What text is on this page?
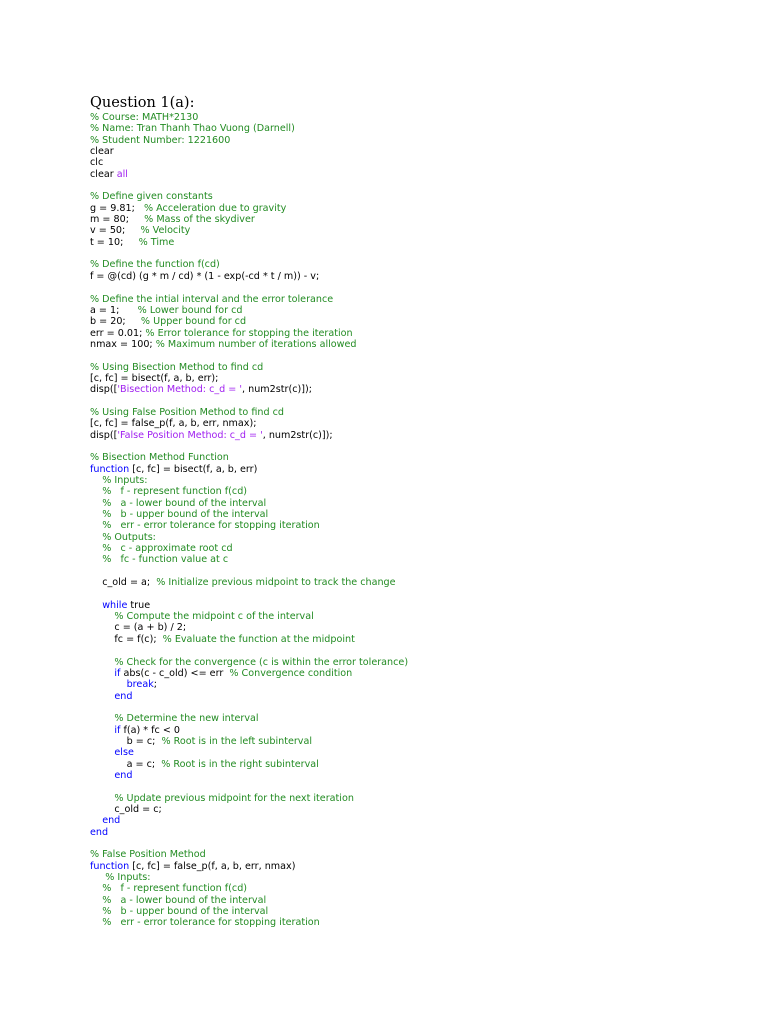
Question 1(a):
% Course: MATH*2130
% Name: Tran Thanh Thao Vuong (Darnell)
% Student Number: 1221600
clear
clc
clear all
% Define given constants
g = 9.81;   % Acceleration due to gravity
m = 80;     % Mass of the skydiver
v = 50;     % Velocity
t = 10;     % Time
% Define the function f(cd)
f = @(cd) (g * m / cd) * (1 - exp(-cd * t / m)) - v;
% Define the intial interval and the error tolerance
a = 1;      % Lower bound for cd
b = 20;     % Upper bound for cd
err = 0.01; % Error tolerance for stopping the iteration
nmax = 100; % Maximum number of iterations allowed
% Using Bisection Method to find cd
[c, fc] = bisect(f, a, b, err);
disp(['Bisection Method: c_d = ', num2str(c)]);
% Using False Position Method to find cd
[c, fc] = false_p(f, a, b, err, nmax);
disp(['False Position Method: c_d = ', num2str(c)]);
% Bisection Method Function
function [c, fc] = bisect(f, a, b, err)
% Inputs:
%   f - represent function f(cd)
%   a - lower bound of the interval
%   b - upper bound of the interval
%   err - error tolerance for stopping iteration
% Outputs:
%   c - approximate root cd
%   fc - function value at c
c_old = a;  % Initialize previous midpoint to track the change
while true
% Compute the midpoint c of the interval
c = (a + b) / 2;
fc = f(c);  % Evaluate the function at the midpoint
% Check for the convergence (c is within the error tolerance)
if abs(c - c_old) <= err  % Convergence condition
break;
end
% Determine the new interval
if f(a) * fc < 0
b = c;  % Root is in the left subinterval
else
a = c;  % Root is in the right subinterval
end
% Update previous midpoint for the next iteration
c_old = c;
end
end
% False Position Method
function [c, fc] = false_p(f, a, b, err, nmax)
% Inputs:
%   f - represent function f(cd)
%   a - lower bound of the interval
%   b - upper bound of the interval
%   err - error tolerance for stopping iteration
